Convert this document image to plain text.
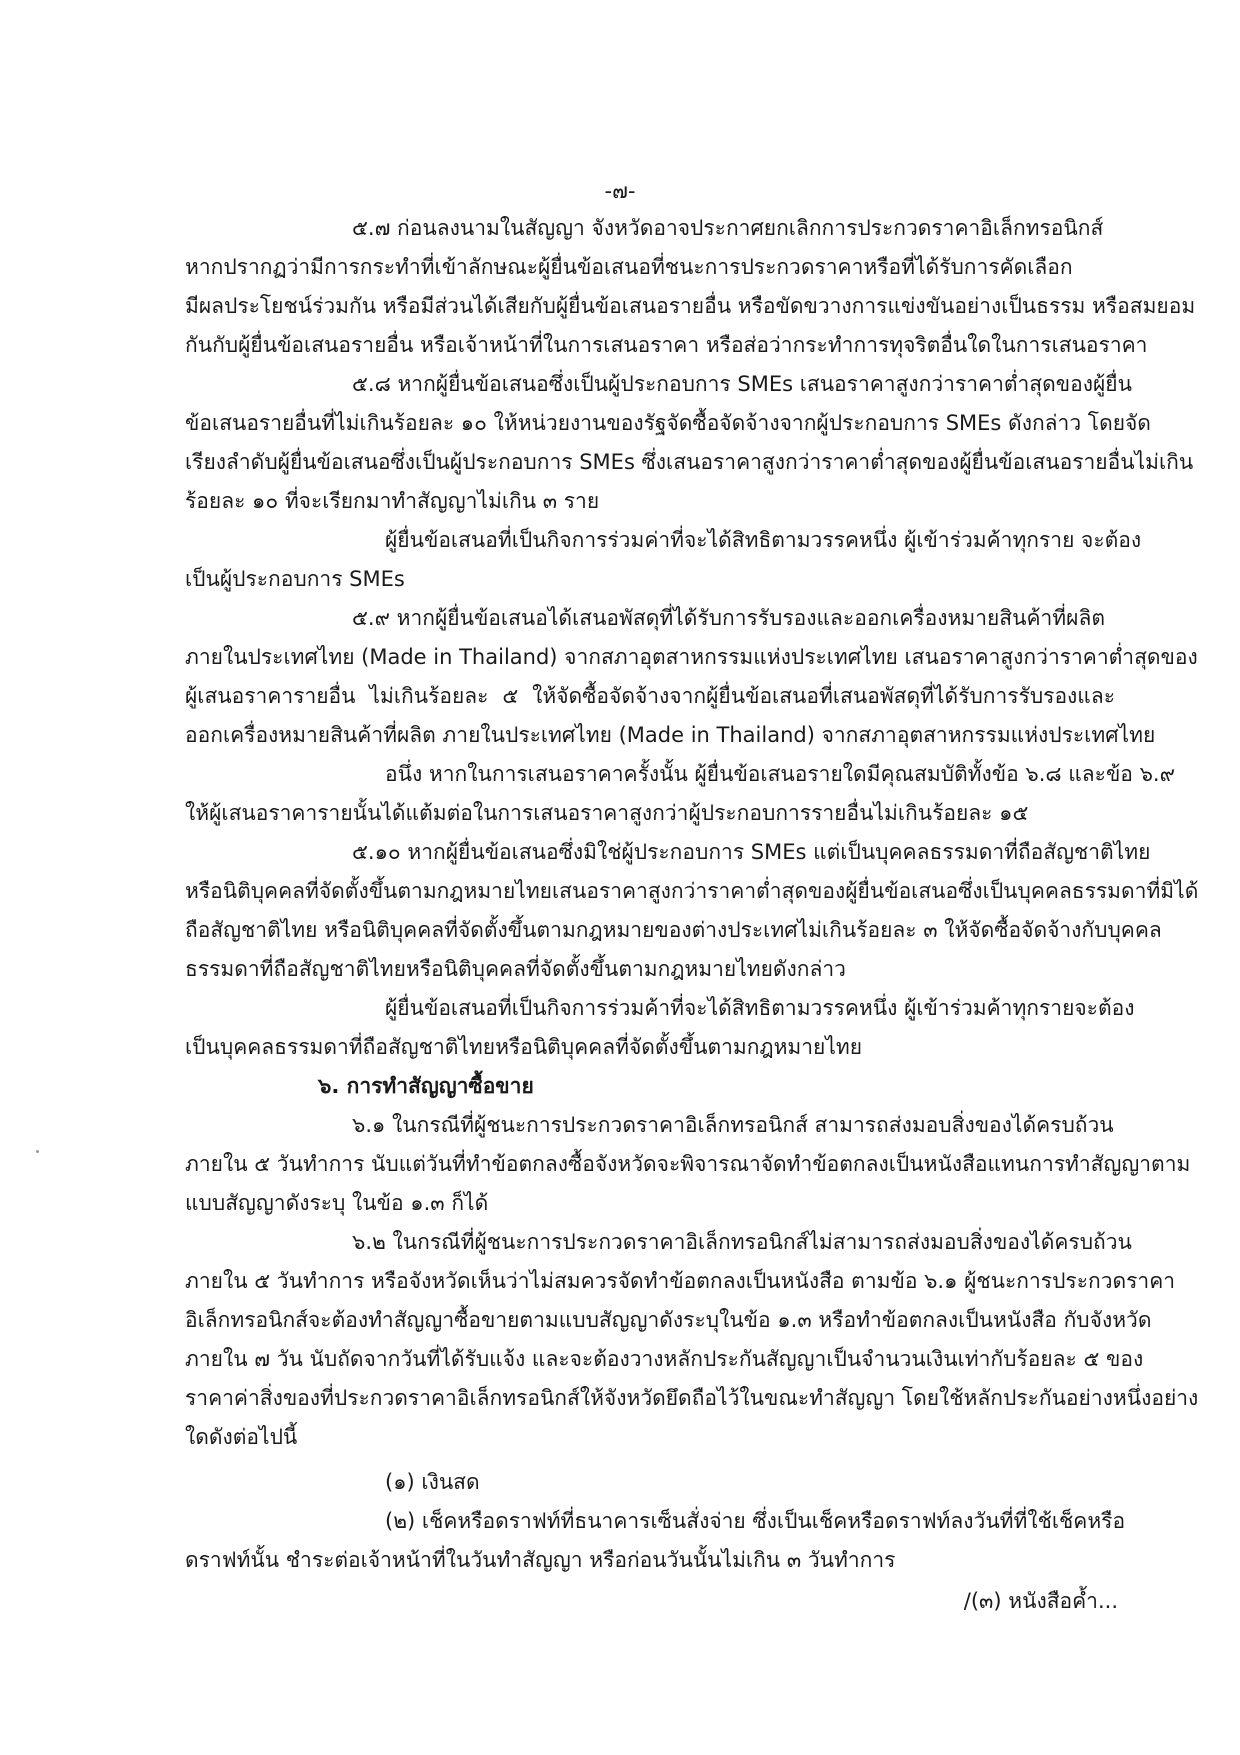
-๗-
๕.๗ ก่อนลงนามในสัญญา จังหวัดอาจประกาศยกเลิกการประกวดราคาอิเล็กทรอนิกส์
หากปรากฏว่ามีการกระทำที่เข้าลักษณะผู้ยื่นข้อเสนอที่ชนะการประกวดราคาหรือที่ได้รับการคัดเลือก
มีผลประโยชน์ร่วมกัน หรือมีส่วนได้เสียกับผู้ยื่นข้อเสนอรายอื่น หรือขัดขวางการแข่งขันอย่างเป็นธรรม หรือสมยอม
กันกับผู้ยื่นข้อเสนอรายอื่น หรือเจ้าหน้าที่ในการเสนอราคา หรือส่อว่ากระทำการทุจริตอื่นใดในการเสนอราคา
๕.๘ หากผู้ยื่นข้อเสนอซึ่งเป็นผู้ประกอบการ SMEs เสนอราคาสูงกว่าราคาต่ำสุดของผู้ยื่น
ข้อเสนอรายอื่นที่ไม่เกินร้อยละ ๑๐ ให้หน่วยงานของรัฐจัดซื้อจัดจ้างจากผู้ประกอบการ SMEs ดังกล่าว โดยจัด
เรียงลำดับผู้ยื่นข้อเสนอซึ่งเป็นผู้ประกอบการ SMEs ซึ่งเสนอราคาสูงกว่าราคาต่ำสุดของผู้ยื่นข้อเสนอรายอื่นไม่เกิน
ร้อยละ ๑๐ ที่จะเรียกมาทำสัญญาไม่เกิน ๓ ราย
ผู้ยื่นข้อเสนอที่เป็นกิจการร่วมค่าที่จะได้สิทธิตามวรรคหนึ่ง ผู้เข้าร่วมค้าทุกราย จะต้อง
เป็นผู้ประกอบการ SMEs
๕.๙ หากผู้ยื่นข้อเสนอได้เสนอพัสดุที่ได้รับการรับรองและออกเครื่องหมายสินค้าที่ผลิต
ภายในประเทศไทย (Made in Thailand) จากสภาอุตสาหกรรมแห่งประเทศไทย เสนอราคาสูงกว่าราคาต่ำสุดของ
ผู้เสนอราคารายอื่น ไม่เกินร้อยละ ๕ ให้จัดซื้อจัดจ้างจากผู้ยื่นข้อเสนอที่เสนอพัสดุที่ได้รับการรับรองและ
ออกเครื่องหมายสินค้าที่ผลิต ภายในประเทศไทย (Made in Thailand) จากสภาอุตสาหกรรมแห่งประเทศไทย
อนึ่ง หากในการเสนอราคาครั้งนั้น ผู้ยื่นข้อเสนอรายใดมีคุณสมบัติทั้งข้อ ๖.๘ และข้อ ๖.๙
ให้ผู้เสนอราคารายนั้นได้แต้มต่อในการเสนอราคาสูงกว่าผู้ประกอบการรายอื่นไม่เกินร้อยละ ๑๕
๕.๑๐ หากผู้ยื่นข้อเสนอซึ่งมิใช่ผู้ประกอบการ SMEs แต่เป็นบุคคลธรรมดาที่ถือสัญชาติไทย
หรือนิติบุคคลที่จัดตั้งขึ้นตามกฎหมายไทยเสนอราคาสูงกว่าราคาต่ำสุดของผู้ยื่นข้อเสนอซึ่งเป็นบุคคลธรรมดาที่มิได้
ถือสัญชาติไทย หรือนิติบุคคลที่จัดตั้งขึ้นตามกฎหมายของต่างประเทศไม่เกินร้อยละ ๓ ให้จัดซื้อจัดจ้างกับบุคคล
ธรรมดาที่ถือสัญชาติไทยหรือนิติบุคคลที่จัดตั้งขึ้นตามกฎหมายไทยดังกล่าว
ผู้ยื่นข้อเสนอที่เป็นกิจการร่วมค้าที่จะได้สิทธิตามวรรคหนึ่ง ผู้เข้าร่วมค้าทุกรายจะต้อง
เป็นบุคคลธรรมดาที่ถือสัญชาติไทยหรือนิติบุคคลที่จัดตั้งขึ้นตามกฎหมายไทย
๖. การทำสัญญาซื้อขาย
๖.๑ ในกรณีที่ผู้ชนะการประกวดราคาอิเล็กทรอนิกส์ สามารถส่งมอบสิ่งของได้ครบถ้วน
ภายใน ๕ วันทำการ นับแต่วันที่ทำข้อตกลงซื้อจังหวัดจะพิจารณาจัดทำข้อตกลงเป็นหนังสือแทนการทำสัญญาตาม
แบบสัญญาดังระบุ ในข้อ ๑.๓ ก็ได้
๖.๒ ในกรณีที่ผู้ชนะการประกวดราคาอิเล็กทรอนิกส์ไม่สามารถส่งมอบสิ่งของได้ครบถ้วน
ภายใน ๕ วันทำการ หรือจังหวัดเห็นว่าไม่สมควรจัดทำข้อตกลงเป็นหนังสือ ตามข้อ ๖.๑ ผู้ชนะการประกวดราคา
อิเล็กทรอนิกส์จะต้องทำสัญญาซื้อขายตามแบบสัญญาดังระบุในข้อ ๑.๓ หรือทำข้อตกลงเป็นหนังสือ กับจังหวัด
ภายใน ๗ วัน นับถัดจากวันที่ได้รับแจ้ง และจะต้องวางหลักประกันสัญญาเป็นจำนวนเงินเท่ากับร้อยละ ๕ ของ
ราคาค่าสิ่งของที่ประกวดราคาอิเล็กทรอนิกส์ให้จังหวัดยึดถือไว้ในขณะทำสัญญา โดยใช้หลักประกันอย่างหนึ่งอย่าง
ใดดังต่อไปนี้
(๑) เงินสด
(๒) เช็คหรือดราฟท์ที่ธนาคารเซ็นสั่งจ่าย ซึ่งเป็นเช็คหรือดราฟท์ลงวันที่ที่ใช้เช็คหรือ
ดราฟท์นั้น ชำระต่อเจ้าหน้าที่ในวันทำสัญญา หรือก่อนวันนั้นไม่เกิน ๓ วันทำการ
/(๓) หนังสือค้ำ...
